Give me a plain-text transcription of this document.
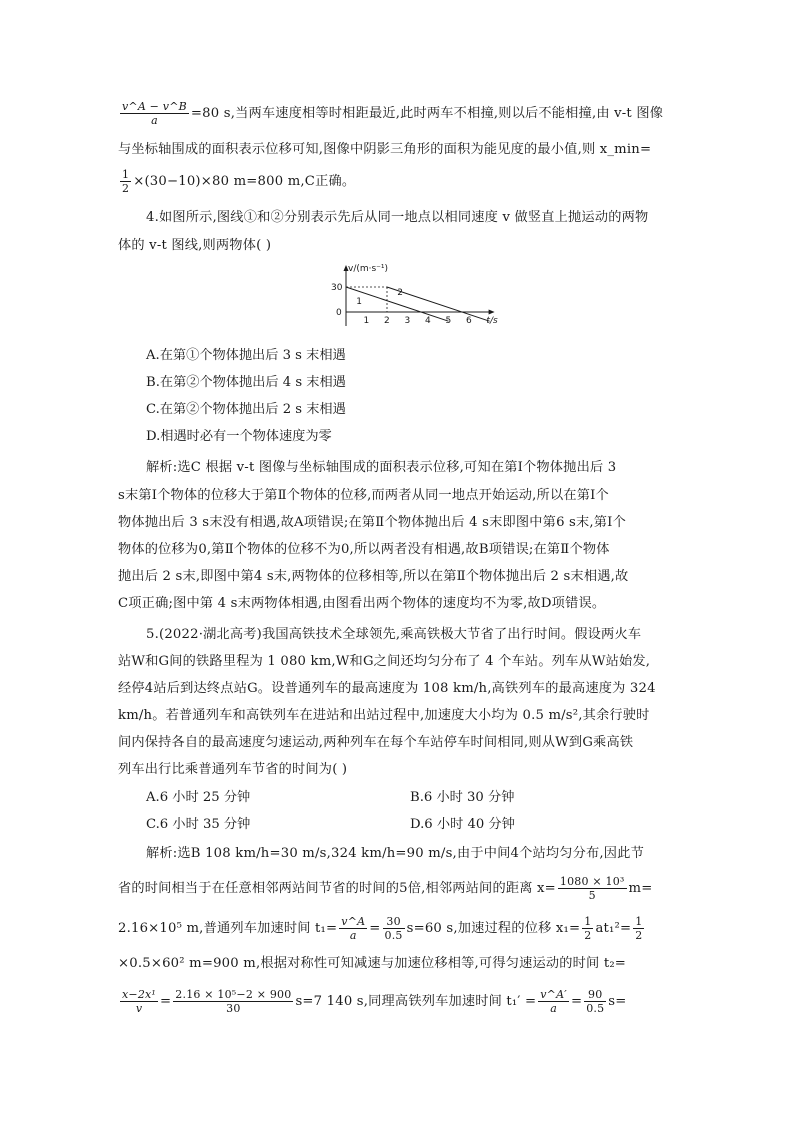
$\frac{v\^{}A - v\^{}B}{a} =80$ s,当两车速度相等时相距最近,此时两车不相撞,则以后不能相撞,由 v-t 图像
与坐标轴围成的面积表示位移可知,图像中阴影三角形的面积为能见度的最小值,则 x_min=
$\frac{1}{2} \times(30-10)\times 80$ m=800 m,C正确。
4.如图所示,图线①和②分别表示先后从同一地点以相同速度 v 做竖直上抛运动的两物
体的 v-t 图线,则两物体( )
1
2
1 2 3 4 5 6
30
0
v/(m·s⁻¹)
t/s
A.在第①个物体抛出后 3 s 末相遇
B.在第②个物体抛出后 4 s 末相遇
C.在第②个物体抛出后 2 s 末相遇
D.相遇时必有一个物体速度为零
解析:选C 根据 v-t 图像与坐标轴围成的面积表示位移,可知在第Ⅰ个物体抛出后 3
s末第Ⅰ个物体的位移大于第Ⅱ个物体的位移,而两者从同一地点开始运动,所以在第Ⅰ个
物体抛出后 3 s末没有相遇,故A项错误;在第Ⅱ个物体抛出后 4 s末即图中第6 s末,第Ⅰ个
物体的位移为0,第Ⅱ个物体的位移不为0,所以两者没有相遇,故B项错误;在第Ⅱ个物体
抛出后 2 s末,即图中第4 s末,两物体的位移相等,所以在第Ⅱ个物体抛出后 2 s末相遇,故
C项正确;图中第 4 s末两物体相遇,由图看出两个物体的速度均不为零,故D项错误。
5.(2022·湖北高考)我国高铁技术全球领先,乘高铁极大节省了出行时间。假设两火车
站W和G间的铁路里程为 1 080 km,W和G之间还均匀分布了 4 个车站。列车从W站始发,
经停4站后到达终点站G。设普通列车的最高速度为 108 km/h,高铁列车的最高速度为 324
km/h。若普通列车和高铁列车在进站和出站过程中,加速度大小均为 0.5 m/s²,其余行驶时
间内保持各自的最高速度匀速运动,两种列车在每个车站停车时间相同,则从W到G乘高铁
列车出行比乘普通列车节省的时间为( )
A.6 小时 25 分钟	B.6 小时 30 分钟
C.6 小时 35 分钟	D.6 小时 40 分钟
解析:选B 108 km/h=30 m/s,324 km/h=90 m/s,由于中间4个站均匀分布,因此节
省的时间相当于在任意相邻两站间节省的时间的5倍,相邻两站间的距离 $x= \frac{\text{1080 × 10³}}{5} m=$
2.16×10⁵ m,普通列车加速时间 $t_1= \frac{v\^{}A}{a} = \frac{30}{0.5} s=60$ s,加速过程的位移 $x_1= \frac{1}{2} at_1^2= \frac{1}{2}$
×0.5×60² m=900 m,根据对称性可知减速与加速位移相等,可得匀速运动的时间 t₂=
$\frac{\text{x−2x¹}}{v} = \frac{\text{2.16 × 10⁵−2 × 900}}{30} s=7$ 140 s,同理高铁列车加速时间 $t_1' = \frac{v\^{}A'}{a} = \frac{90}{0.5} s=$
